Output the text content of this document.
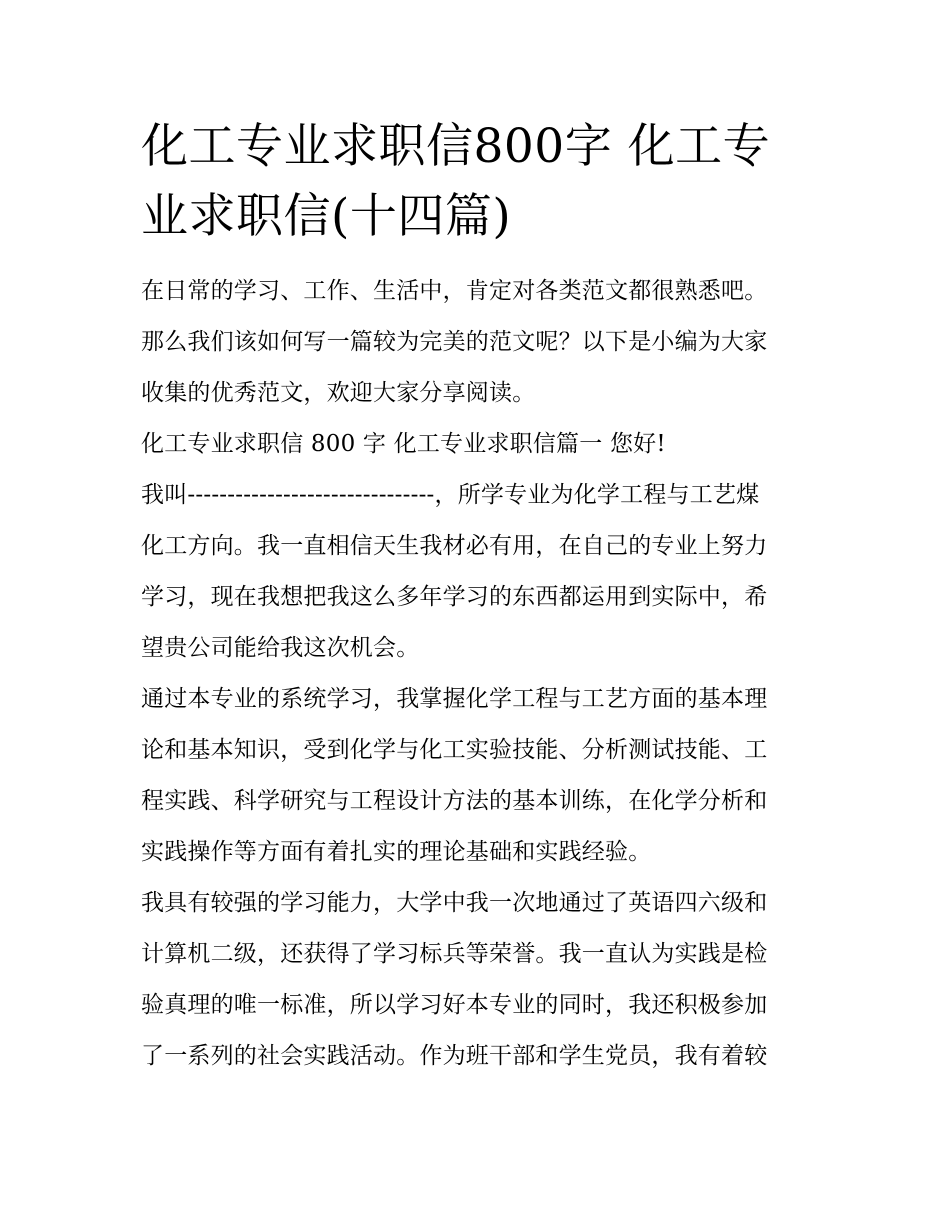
化工专业求职信800字 化工专
业求职信(十四篇)
在日常的学习、工作、生活中，肯定对各类范文都很熟悉吧。
那么我们该如何写一篇较为完美的范文呢？以下是小编为大家
收集的优秀范文，欢迎大家分享阅读。
化工专业求职信 800 字 化工专业求职信篇一 您好!
我叫-------------------------------，所学专业为化学工程与工艺煤
化工方向。我一直相信天生我材必有用，在自己的专业上努力
学习，现在我想把我这么多年学习的东西都运用到实际中，希
望贵公司能给我这次机会。
通过本专业的系统学习，我掌握化学工程与工艺方面的基本理
论和基本知识，受到化学与化工实验技能、分析测试技能、工
程实践、科学研究与工程设计方法的基本训练，在化学分析和
实践操作等方面有着扎实的理论基础和实践经验。
我具有较强的学习能力，大学中我一次地通过了英语四六级和
计算机二级，还获得了学习标兵等荣誉。我一直认为实践是检
验真理的唯一标准，所以学习好本专业的同时，我还积极参加
了一系列的社会实践活动。作为班干部和学生党员，我有着较
